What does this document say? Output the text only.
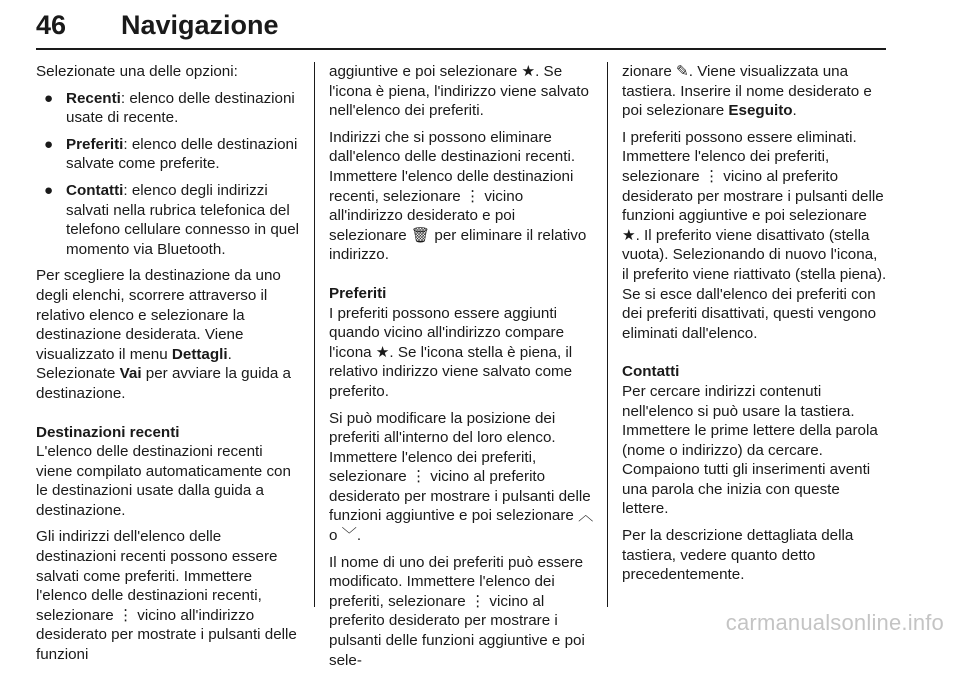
46 Navigazione

Selezionate una delle opzioni:

● Recenti: elenco delle destinazioni usate di recente.
● Preferiti: elenco delle destinazioni salvate come preferite.
● Contatti: elenco degli indirizzi salvati nella rubrica telefonica del telefono cellulare connesso in quel momento via Bluetooth.

Per scegliere la destinazione da uno degli elenchi, scorrere attraverso il relativo elenco e selezionare la destinazione desiderata. Viene visualizzato il menu Dettagli. Selezionate Vai per avviare la guida a destinazione.

Destinazioni recenti

L'elenco delle destinazioni recenti viene compilato automaticamente con le destinazioni usate dalla guida a destinazione.

Gli indirizzi dell'elenco delle destinazioni recenti possono essere salvati come preferiti. Immettere l'elenco delle destinazioni recenti, selezionare ⋮ vicino all'indirizzo desiderato per mostrate i pulsanti delle funzioni

aggiuntive e poi selezionare ★. Se l'icona è piena, l'indirizzo viene salvato nell'elenco dei preferiti.

Indirizzi che si possono eliminare dall'elenco delle destinazioni recenti. Immettere l'elenco delle destinazioni recenti, selezionare ⋮ vicino all'indirizzo desiderato e poi selezionare 🗑 per eliminare il relativo indirizzo.

Preferiti

I preferiti possono essere aggiunti quando vicino all'indirizzo compare l'icona ★. Se l'icona stella è piena, il relativo indirizzo viene salvato come preferito.

Si può modificare la posizione dei preferiti all'interno del loro elenco. Immettere l'elenco dei preferiti, selezionare ⋮ vicino al preferito desiderato per mostrare i pulsanti delle funzioni aggiuntive e poi selezionare ︿ o ﹀.

Il nome di uno dei preferiti può essere modificato. Immettere l'elenco dei preferiti, selezionare ⋮ vicino al preferito desiderato per mostrare i pulsanti delle funzioni aggiuntive e poi sele-

zionare ✎. Viene visualizzata una tastiera. Inserire il nome desiderato e poi selezionare Eseguito.

I preferiti possono essere eliminati. Immettere l'elenco dei preferiti, selezionare ⋮ vicino al preferito desiderato per mostrare i pulsanti delle funzioni aggiuntive e poi selezionare ★. Il preferito viene disattivato (stella vuota). Selezionando di nuovo l'icona, il preferito viene riattivato (stella piena). Se si esce dall'elenco dei preferiti con dei preferiti disattivati, questi vengono eliminati dall'elenco.

Contatti

Per cercare indirizzi contenuti nell'elenco si può usare la tastiera. Immettere le prime lettere della parola (nome o indirizzo) da cercare. Compaiono tutti gli inserimenti aventi una parola che inizia con queste lettere.

Per la descrizione dettagliata della tastiera, vedere quanto detto precedentemente.

carmanualsonline.info
